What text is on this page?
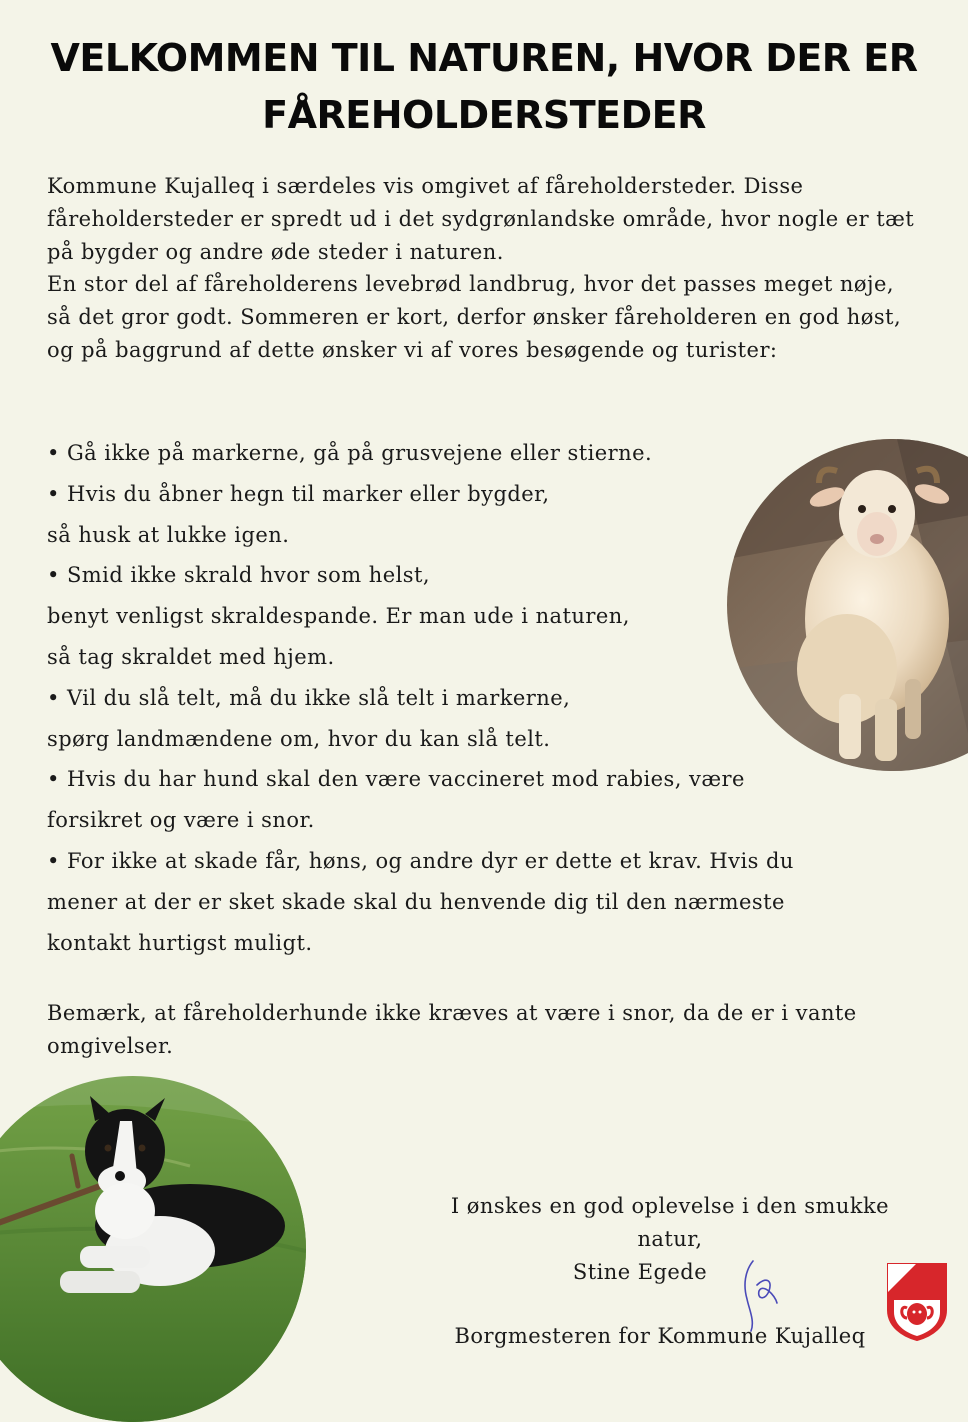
VELKOMMEN TIL NATUREN, HVOR DER ER FÅREHOLDERSTEDER

Kommune Kujalleq i særdeles vis omgivet af fåreholdersteder. Disse fåreholdersteder er spredt ud i det sydgrønlandske område, hvor nogle er tæt på bygder og andre øde steder i naturen.

En stor del af fåreholderens levebrød landbrug, hvor det passes meget nøje, så det gror godt. Sommeren er kort, derfor ønsker fåreholderen en god høst,

og på baggrund af dette ønsker vi af vores besøgende og turister:

• Gå ikke på markerne, gå på grusvejene eller stierne.

• Hvis du åbner hegn til marker eller bygder,

så husk at lukke igen.

• Smid ikke skrald hvor som helst,

benyt venligst skraldespande. Er man ude i naturen,

så tag skraldet med hjem.

• Vil du slå telt, må du ikke slå telt i markerne,

spørg landmændene om, hvor du kan slå telt.

• Hvis du har hund skal den være vaccineret mod rabies, være

forsikret og være i snor.

• For ikke at skade får, høns, og andre dyr er dette et krav. Hvis du

mener at der er sket skade skal du henvende dig til den nærmeste

kontakt hurtigst muligt.

Bemærk, at fåreholderhunde ikke kræves at være i snor, da de er i vante omgivelser.

I ønskes en god oplevelse i den smukke natur,

Stine Egede

Borgmesteren for Kommune Kujalleq
